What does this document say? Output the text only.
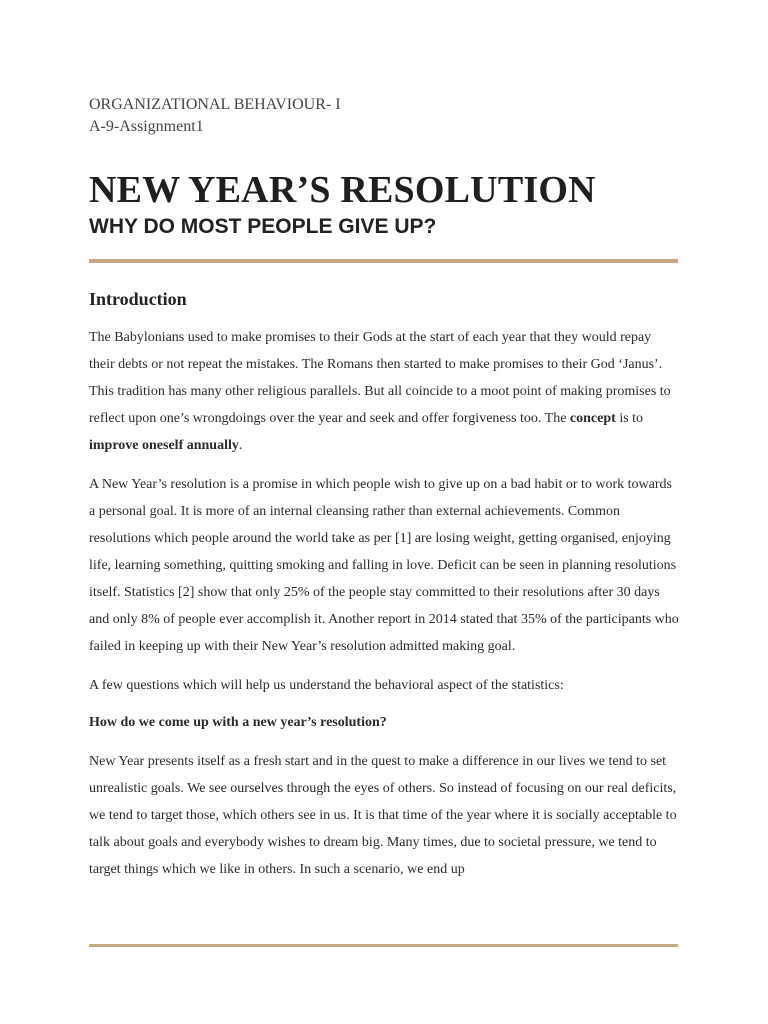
ORGANIZATIONAL BEHAVIOUR- I

A-9-Assignment1

NEW YEAR’S RESOLUTION
WHY DO MOST PEOPLE GIVE UP?
Introduction

The Babylonians used to make promises to their Gods at the start of each year that they would repay their debts or not repeat the mistakes. The Romans then started to make promises to their God ‘Janus’. This tradition has many other religious parallels. But all coincide to a moot point of making promises to reflect upon one’s wrongdoings over the year and seek and offer forgiveness too. The concept is to improve oneself annually.

A New Year’s resolution is a promise in which people wish to give up on a bad habit or to work towards a personal goal. It is more of an internal cleansing rather than external achievements. Common resolutions which people around the world take as per [1] are losing weight, getting organised, enjoying life, learning something, quitting smoking and falling in love. Deficit can be seen in planning resolutions itself. Statistics [2] show that only 25% of the people stay committed to their resolutions after 30 days and only 8% of people ever accomplish it. Another report in 2014 stated that 35% of the participants who failed in keeping up with their New Year’s resolution admitted making goal.

A few questions which will help us understand the behavioral aspect of the statistics:

How do we come up with a new year’s resolution?

New Year presents itself as a fresh start and in the quest to make a difference in our lives we tend to set unrealistic goals. We see ourselves through the eyes of others. So instead of focusing on our real deficits, we tend to target those, which others see in us. It is that time of the year where it is socially acceptable to talk about goals and everybody wishes to dream big. Many times, due to societal pressure, we tend to target things which we like in others. In such a scenario, we end up
